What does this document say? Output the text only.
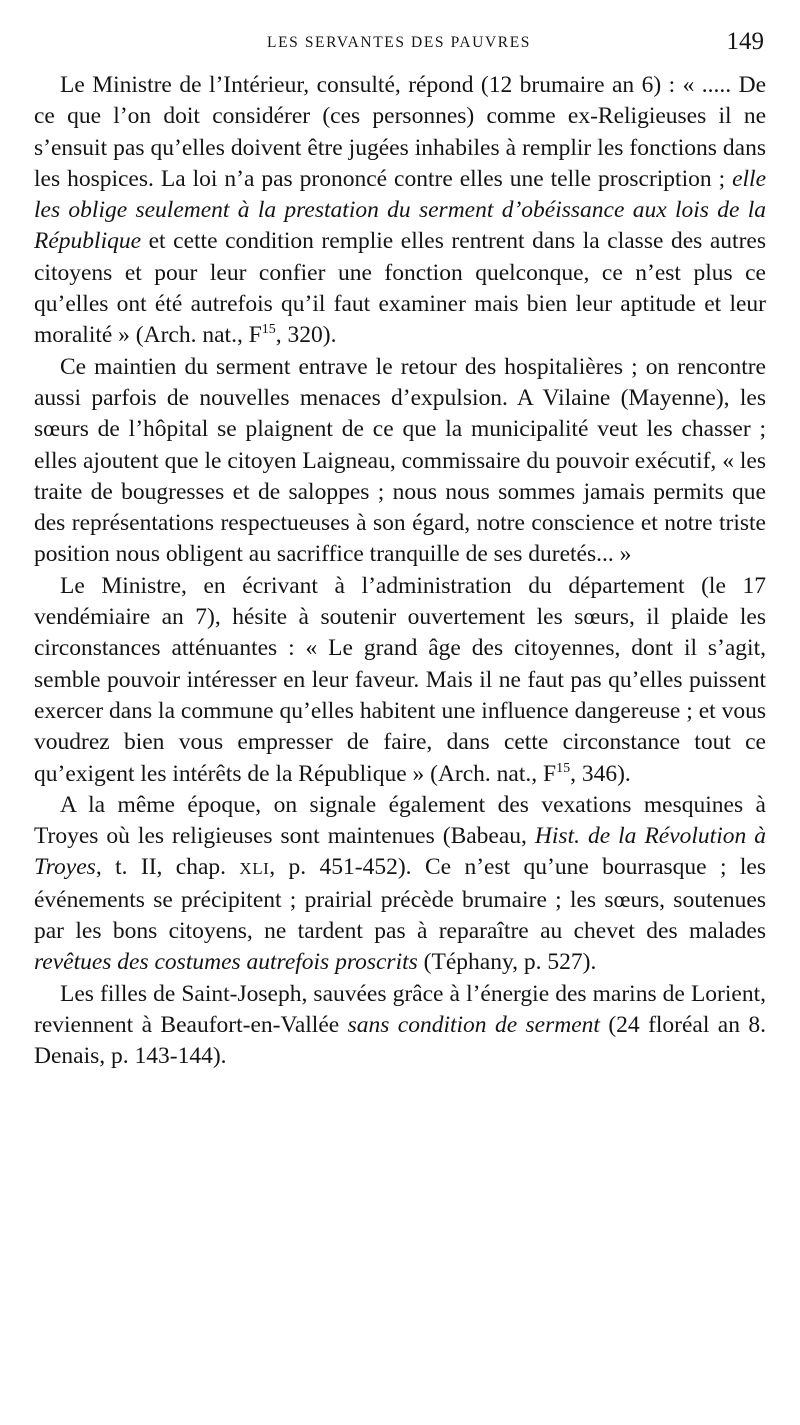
LES SERVANTES DES PAUVRES	149

Le Ministre de l’Intérieur, consulté, répond (12 brumaire an 6) : « ..... De ce que l’on doit considérer (ces personnes) comme ex-Religieuses il ne s’ensuit pas qu’elles doivent être jugées inhabiles à remplir les fonctions dans les hospices. La loi n’a pas prononcé contre elles une telle proscription ; elle les oblige seulement à la prestation du serment d’obéissance aux lois de la République et cette condition remplie elles rentrent dans la classe des autres citoyens et pour leur confier une fonction quelconque, ce n’est plus ce qu’elles ont été autrefois qu’il faut examiner mais bien leur aptitude et leur moralité » (Arch. nat., $F^{15}$, 320).

Ce maintien du serment entrave le retour des hospitalières ; on rencontre aussi parfois de nouvelles menaces d’expulsion. A Vilaine (Mayenne), les sœurs de l’hôpital se plaignent de ce que la municipalité veut les chasser ; elles ajoutent que le citoyen Laigneau, commissaire du pouvoir exécutif, « les traite de bougresses et de saloppes ; nous nous sommes jamais permits que des représentations respectueuses à son égard, notre conscience et notre triste position nous obligent au sacriffice tranquille de ses duretés... »

Le Ministre, en écrivant à l’administration du département (le 17 vendémiaire an 7), hésite à soutenir ouvertement les sœurs, il plaide les circonstances atténuantes : « Le grand âge des citoyennes, dont il s’agit, semble pouvoir intéresser en leur faveur. Mais il ne faut pas qu’elles puissent exercer dans la commune qu’elles habitent une influence dangereuse ; et vous voudrez bien vous empresser de faire, dans cette circonstance tout ce qu’exigent les intérêts de la République » (Arch. nat., $F^{15}$, 346).

A la même époque, on signale également des vexations mesquines à Troyes où les religieuses sont maintenues (Babeau, Hist. de la Révolution à Troyes, t. II, chap. XLI, p. 451-452). Ce n’est qu’une bourrasque ; les événements se précipitent ; prairial précède brumaire ; les sœurs, soutenues par les bons citoyens, ne tardent pas à reparaître au chevet des malades revêtues des costumes autrefois proscrits (Téphany, p. 527).

Les filles de Saint-Joseph, sauvées grâce à l’énergie des marins de Lorient, reviennent à Beaufort-en-Vallée sans condition de serment (24 floréal an 8. Denais, p. 143-144).
